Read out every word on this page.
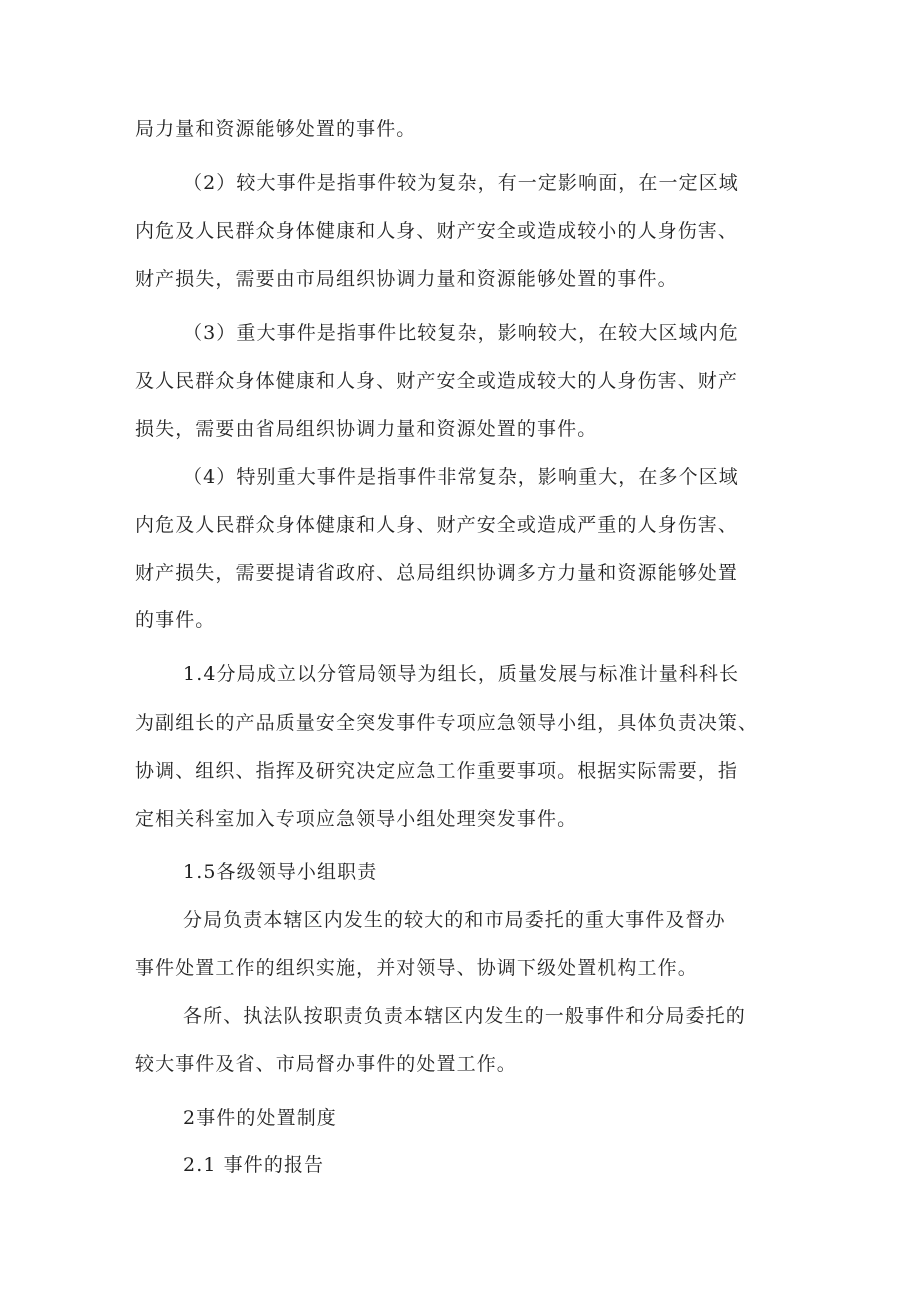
局力量和资源能够处置的事件。
（2）较大事件是指事件较为复杂，有一定影响面，在一定区域
内危及人民群众身体健康和人身、财产安全或造成较小的人身伤害、
财产损失，需要由市局组织协调力量和资源能够处置的事件。
（3）重大事件是指事件比较复杂，影响较大，在较大区域内危
及人民群众身体健康和人身、财产安全或造成较大的人身伤害、财产
损失，需要由省局组织协调力量和资源处置的事件。
（4）特别重大事件是指事件非常复杂，影响重大，在多个区域
内危及人民群众身体健康和人身、财产安全或造成严重的人身伤害、
财产损失，需要提请省政府、总局组织协调多方力量和资源能够处置
的事件。
1.4分局成立以分管局领导为组长，质量发展与标准计量科科长
为副组长的产品质量安全突发事件专项应急领导小组，具体负责决策、
协调、组织、指挥及研究决定应急工作重要事项。根据实际需要，指
定相关科室加入专项应急领导小组处理突发事件。
1.5各级领导小组职责
分局负责本辖区内发生的较大的和市局委托的重大事件及督办
事件处置工作的组织实施，并对领导、协调下级处置机构工作。
各所、执法队按职责负责本辖区内发生的一般事件和分局委托的
较大事件及省、市局督办事件的处置工作。
2事件的处置制度
2.1 事件的报告
